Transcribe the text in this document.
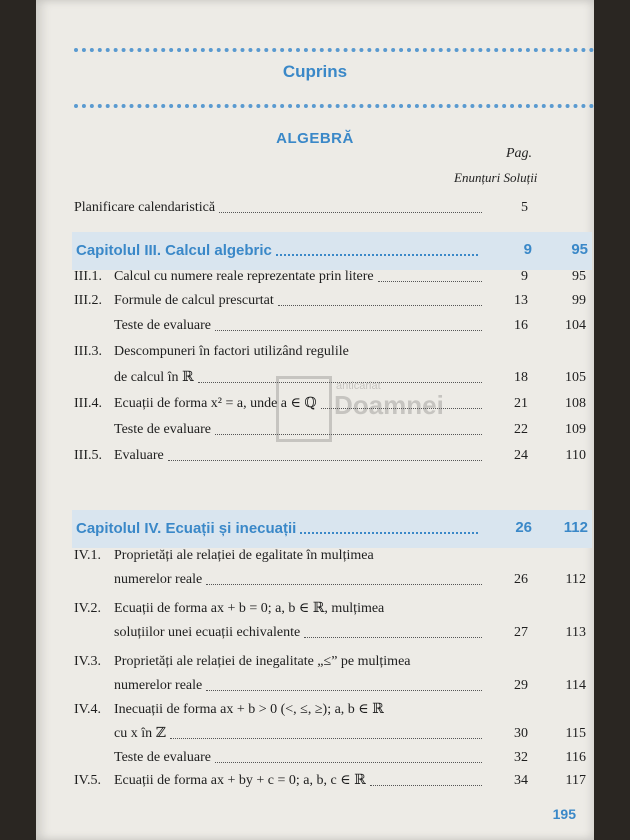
Cuprins
ALGEBRĂ
Pag.
Enunțuri Soluții
anticariat
Doamnei
Planificare calendaristică	5
Capitolul III. Calcul algebric	9	95
III.1. Calcul cu numere reale reprezentate prin litere	9	95
III.2. Formule de calcul prescurtat	13	99
Teste de evaluare	16	104
III.3. Descompuneri în factori utilizând regulile
de calcul în ℝ	18	105
III.4. Ecuații de forma x² = a, unde a ∈ ℚ	21	108
Teste de evaluare	22	109
III.5. Evaluare	24	110
Capitolul IV. Ecuații și inecuații	26	112
IV.1. Proprietăți ale relației de egalitate în mulțimea
numerelor reale	26	112
IV.2. Ecuații de forma ax + b = 0; a, b ∈ ℝ, mulțimea
soluțiilor unei ecuații echivalente	27	113
IV.3. Proprietăți ale relației de inegalitate „≤” pe mulțimea
numerelor reale	29	114
IV.4. Inecuații de forma ax + b > 0 (<, ≤, ≥); a, b ∈ ℝ
cu x în ℤ	30	115
Teste de evaluare	32	116
IV.5. Ecuații de forma ax + by + c = 0; a, b, c ∈ ℝ	34	117
195
